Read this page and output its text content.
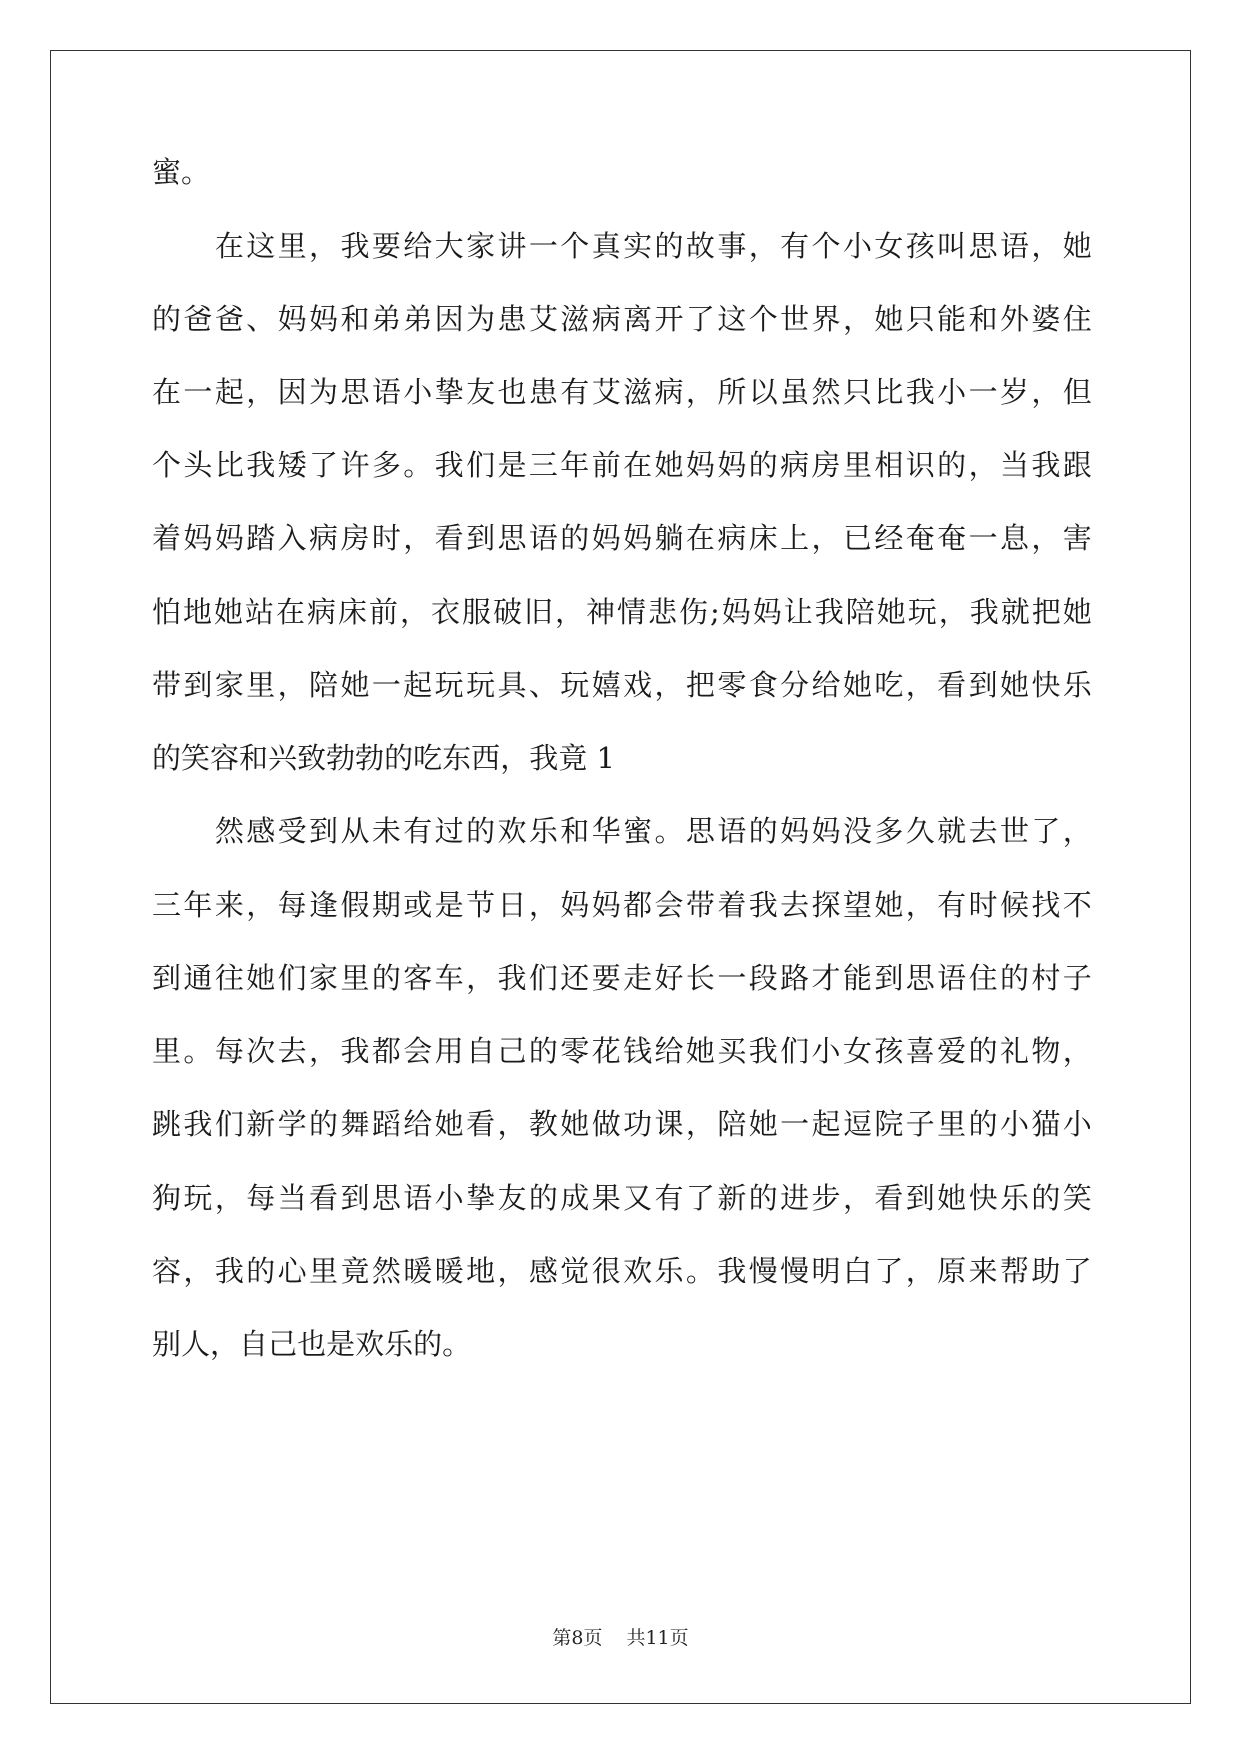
蜜 。

在 这 里 ， 我 要 给 大 家 讲 一 个 真 实 的 故 事 ， 有 个 小 女 孩 叫 思 语 ， 她
的 爸 爸 、 妈 妈 和 弟 弟 因 为 患 艾 滋 病 离 开 了 这 个 世 界 ， 她 只 能 和 外 婆 住
在 一 起 ， 因 为 思 语 小 挚 友 也 患 有 艾 滋 病 ， 所 以 虽 然 只 比 我 小 一 岁 ， 但
个 头 比 我 矮 了 许 多 。 我 们 是 三 年 前 在 她 妈 妈 的 病 房 里 相 识 的 ， 当 我 跟
着 妈 妈 踏 入 病 房 时 ， 看 到 思 语 的 妈 妈 躺 在 病 床 上 ， 已 经 奄 奄 一 息 ， 害
怕 地 她 站 在 病 床 前 ， 衣 服 破 旧 ， 神 情 悲 伤 ; 妈 妈 让 我 陪 她 玩 ， 我 就 把 她
带 到 家 里 ， 陪 她 一 起 玩 玩 具 、 玩 嬉 戏 ， 把 零 食 分 给 她 吃 ， 看 到 她 快 乐
的 笑 容 和 兴 致 勃 勃 的 吃 东 西 ， 我 竟
1

然 感 受 到 从 未 有 过 的 欢 乐 和 华 蜜 。 思 语 的 妈 妈 没 多 久 就 去 世 了 ，
三 年 来 ， 每 逢 假 期 或 是 节 日 ， 妈 妈 都 会 带 着 我 去 探 望 她 ， 有 时 候 找 不
到 通 往 她 们 家 里 的 客 车 ， 我 们 还 要 走 好 长 一 段 路 才 能 到 思 语 住 的 村 子
里 。 每 次 去 ， 我 都 会 用 自 己 的 零 花 钱 给 她 买 我 们 小 女 孩 喜 爱 的 礼 物 ，
跳 我 们 新 学 的 舞 蹈 给 她 看 ， 教 她 做 功 课 ， 陪 她 一 起 逗 院 子 里 的 小 猫 小
狗 玩 ， 每 当 看 到 思 语 小 挚 友 的 成 果 又 有 了 新 的 进 步 ， 看 到 她 快 乐 的 笑
容 ， 我 的 心 里 竟 然 暖 暖 地 ， 感 觉 很 欢 乐 。 我 慢 慢 明 白 了 ， 原 来 帮 助 了
别 人 ， 自 己 也 是 欢 乐 的 。
第8页 共11页
